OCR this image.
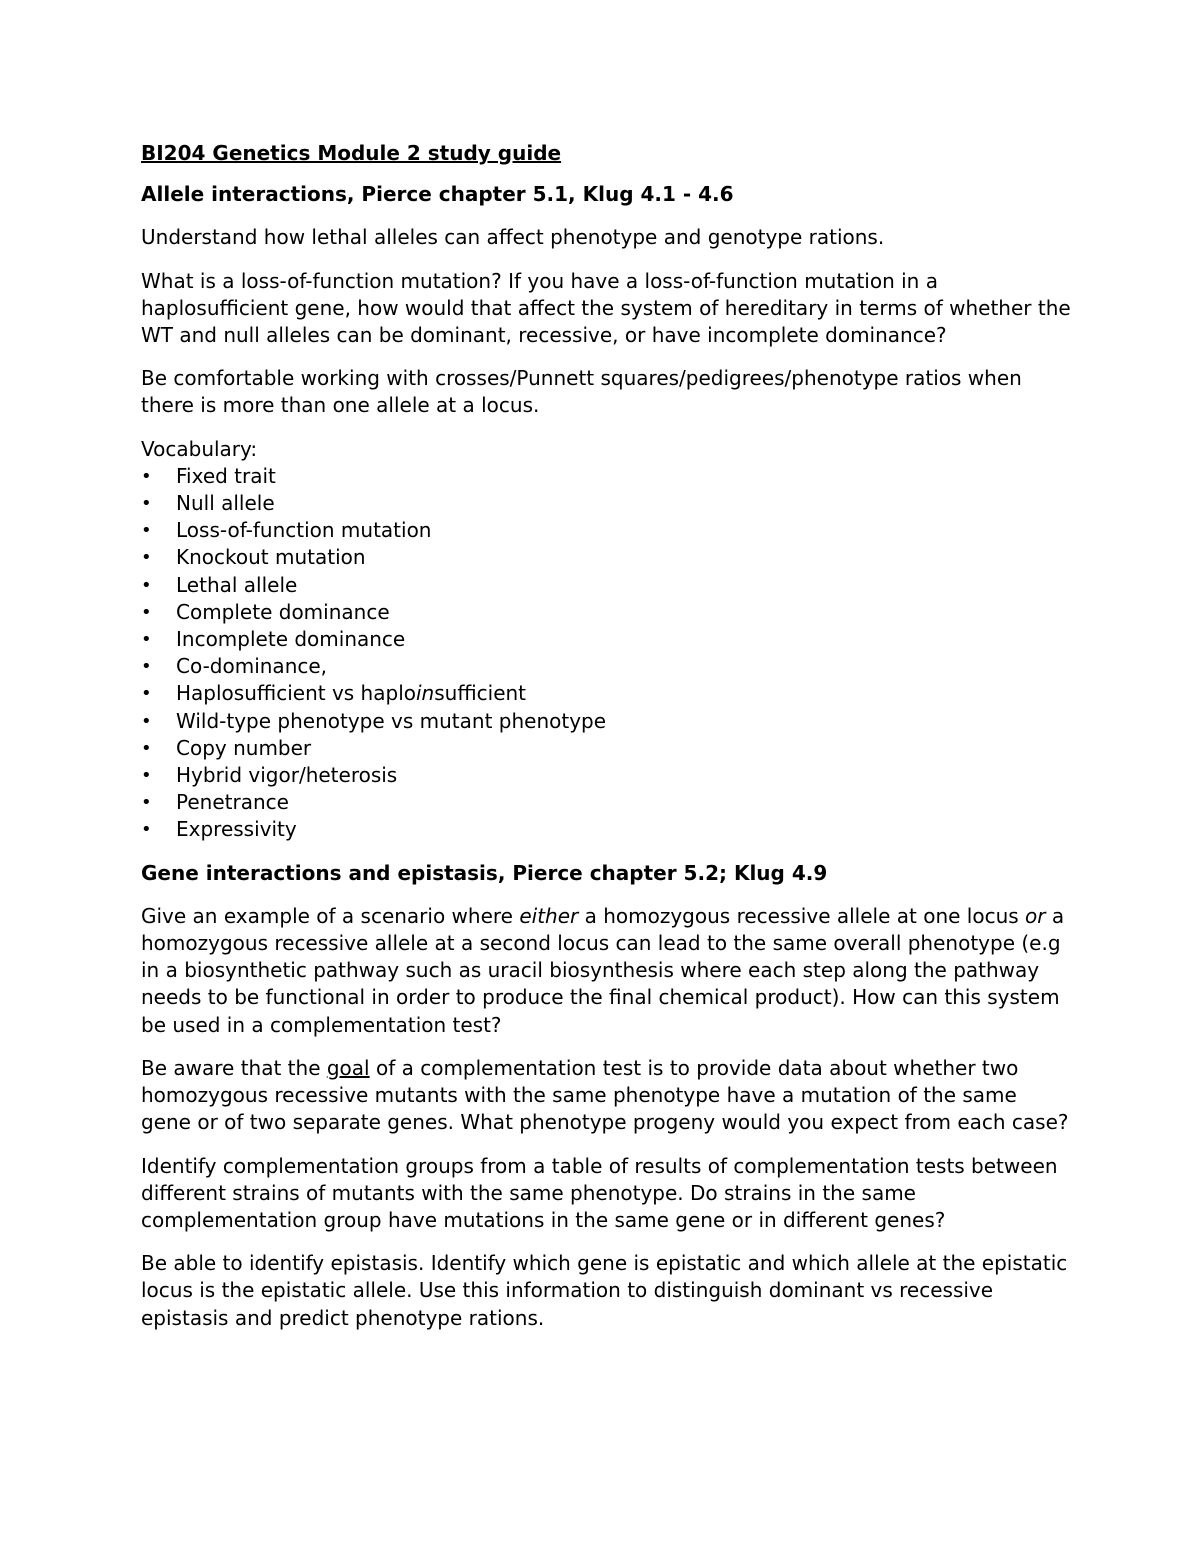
BI204 Genetics Module 2 study guide
Allele interactions, Pierce chapter 5.1, Klug 4.1 - 4.6

Understand how lethal alleles can affect phenotype and genotype rations.

What is a loss-of-function mutation? If you have a loss-of-function mutation in a haplosufficient gene, how would that affect the system of hereditary in terms of whether the WT and null alleles can be dominant, recessive, or have incomplete dominance?

Be comfortable working with crosses/Punnett squares/pedigrees/phenotype ratios when there is more than one allele at a locus.

Vocabulary:

• Fixed trait
• Null allele
• Loss-of-function mutation
• Knockout mutation
• Lethal allele
• Complete dominance
• Incomplete dominance
• Co-dominance,
• Haplosufficient vs haploinsufficient
• Wild-type phenotype vs mutant phenotype
• Copy number
• Hybrid vigor/heterosis
• Penetrance
• Expressivity
Gene interactions and epistasis, Pierce chapter 5.2; Klug 4.9

Give an example of a scenario where either a homozygous recessive allele at one locus or a homozygous recessive allele at a second locus can lead to the same overall phenotype (e.g in a biosynthetic pathway such as uracil biosynthesis where each step along the pathway needs to be functional in order to produce the final chemical product). How can this system be used in a complementation test?

Be aware that the goal of a complementation test is to provide data about whether two homozygous recessive mutants with the same phenotype have a mutation of the same gene or of two separate genes. What phenotype progeny would you expect from each case?

Identify complementation groups from a table of results of complementation tests between different strains of mutants with the same phenotype. Do strains in the same complementation group have mutations in the same gene or in different genes?

Be able to identify epistasis. Identify which gene is epistatic and which allele at the epistatic locus is the epistatic allele. Use this information to distinguish dominant vs recessive epistasis and predict phenotype rations.
